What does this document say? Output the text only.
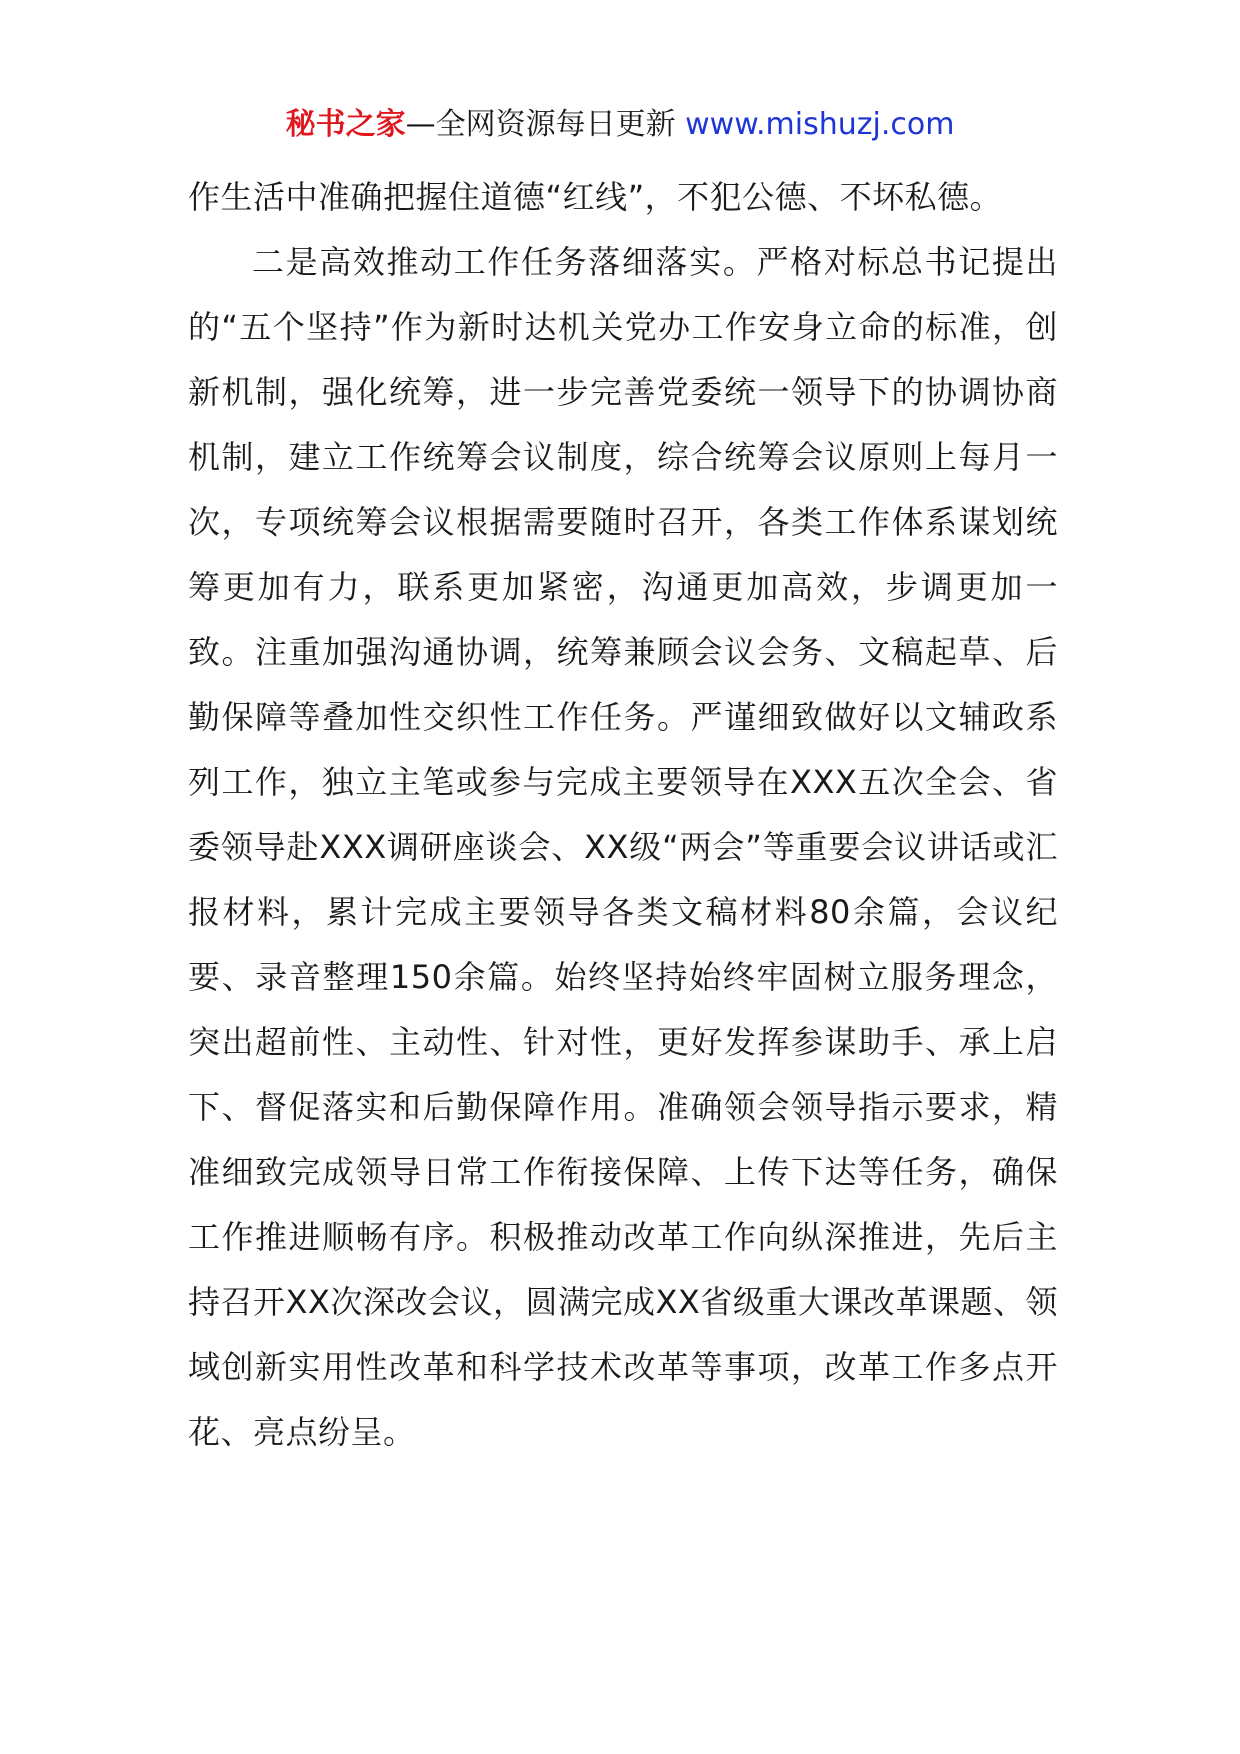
秘书之家—全网资源每日更新 www.mishuzj.com

作生活中准确把握住道德“红线”，不犯公德、不坏私德。

二是高效推动工作任务落细落实。严格对标总书记提出的“五个坚持”作为新时达机关党办工作安身立命的标准，创新机制，强化统筹，进一步完善党委统一领导下的协调协商机制，建立工作统筹会议制度，综合统筹会议原则上每月一次，专项统筹会议根据需要随时召开，各类工作体系谋划统筹更加有力，联系更加紧密，沟通更加高效，步调更加一致。注重加强沟通协调，统筹兼顾会议会务、文稿起草、后勤保障等叠加性交织性工作任务。严谨细致做好以文辅政系列工作，独立主笔或参与完成主要领导在XXX五次全会、省委领导赴XXX调研座谈会、XX级“两会”等重要会议讲话或汇报材料，累计完成主要领导各类文稿材料80余篇，会议纪要、录音整理150余篇。始终坚持始终牢固树立服务理念，突出超前性、主动性、针对性，更好发挥参谋助手、承上启下、督促落实和后勤保障作用。准确领会领导指示要求，精准细致完成领导日常工作衔接保障、上传下达等任务，确保工作推进顺畅有序。积极推动改革工作向纵深推进，先后主持召开XX次深改会议，圆满完成XX省级重大课改革课题、领域创新实用性改革和科学技术改革等事项，改革工作多点开花、亮点纷呈。
